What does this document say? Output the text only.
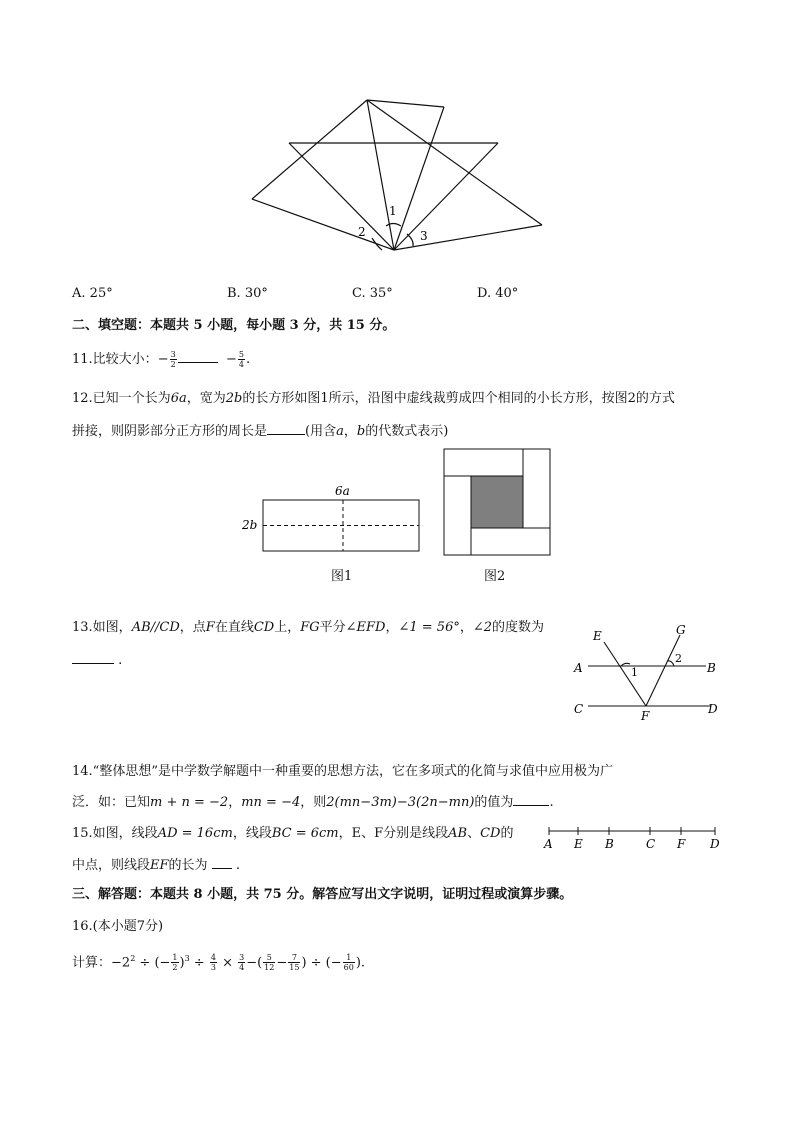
1
2	3
A. 25°	B. 30°	C. 35°	D. 40°
二、填空题：本题共 5 小题，每小题 3 分，共 15 分。
11.比较大小：− $\frac{3}{2}$	− $\frac{5}{4}$ .
12.已知一个长为6a，宽为2b的长方形如图1所示，沿图中虚线裁剪成四个相同的小长方形，按图2的方式
拼接，则阴影部分正方形的周长是	(用含a，b的代数式表示)
6a
2b
图1	图2
13.如图，AB//CD，点F在直线CD上，FG平分∠EFD，∠1 = 56°，∠2的度数为
.
E	G
A	B
C	D
F
1
2
14.“整体思想”是中学数学解题中一种重要的思想方法，它在多项式的化简与求值中应用极为广
泛．如：已知m + n = −2，mn = −4，则2(mn−3m)−3(2n−mn)的值为	.
15.如图，线段AD = 16cm，线段BC = 6cm，E、F分别是线段AB、CD的
中点，则线段EF的长为 .
A E B	C F D
三、解答题：本题共 8 小题，共 75 分。解答应写出文字说明，证明过程或演算步骤。
16.(本小题7分)
计算：$-2^2$ ÷ (− $\frac{1}{2} )^3 \div \frac{4}{3} \times \frac{3}{4}$ −( $\frac{5}{12} - \frac{7}{15}$ ) ÷ (− $\frac{1}{60}$ ).
